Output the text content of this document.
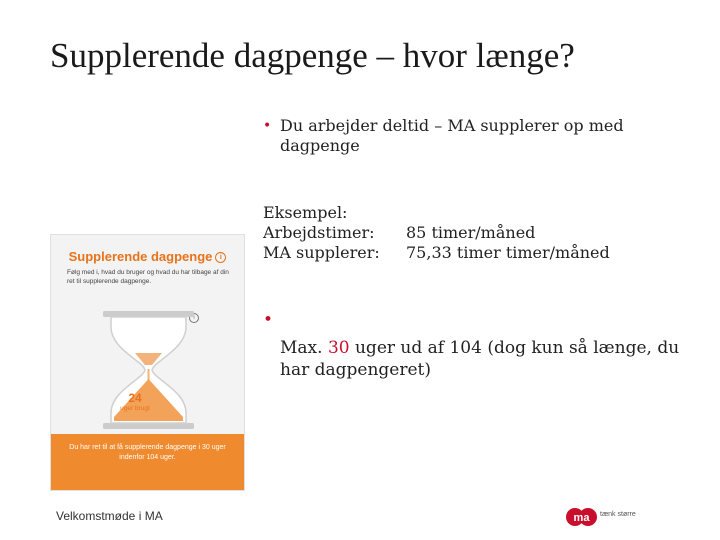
Supplerende dagpenge – hvor længe?
• Du arbejder deltid – MA supplerer op med dagpenge
Eksempel:
Arbejdstimer:	85 timer/måned
MA supplerer:	75,33 timer timer/måned
•
Max. 30 uger ud af 104 (dog kun så længe, du har dagpengeret)
Supplerende dagpenge i
Følg med i, hvad du bruger og hvad du har tilbage af din ret til supplerende dagpenge.
i
24
uger brugt
Du har ret til at få supplerende dagpenge i 30 uger indenfor 104 uger.
Velkomstmøde i MA	ma tænk større
